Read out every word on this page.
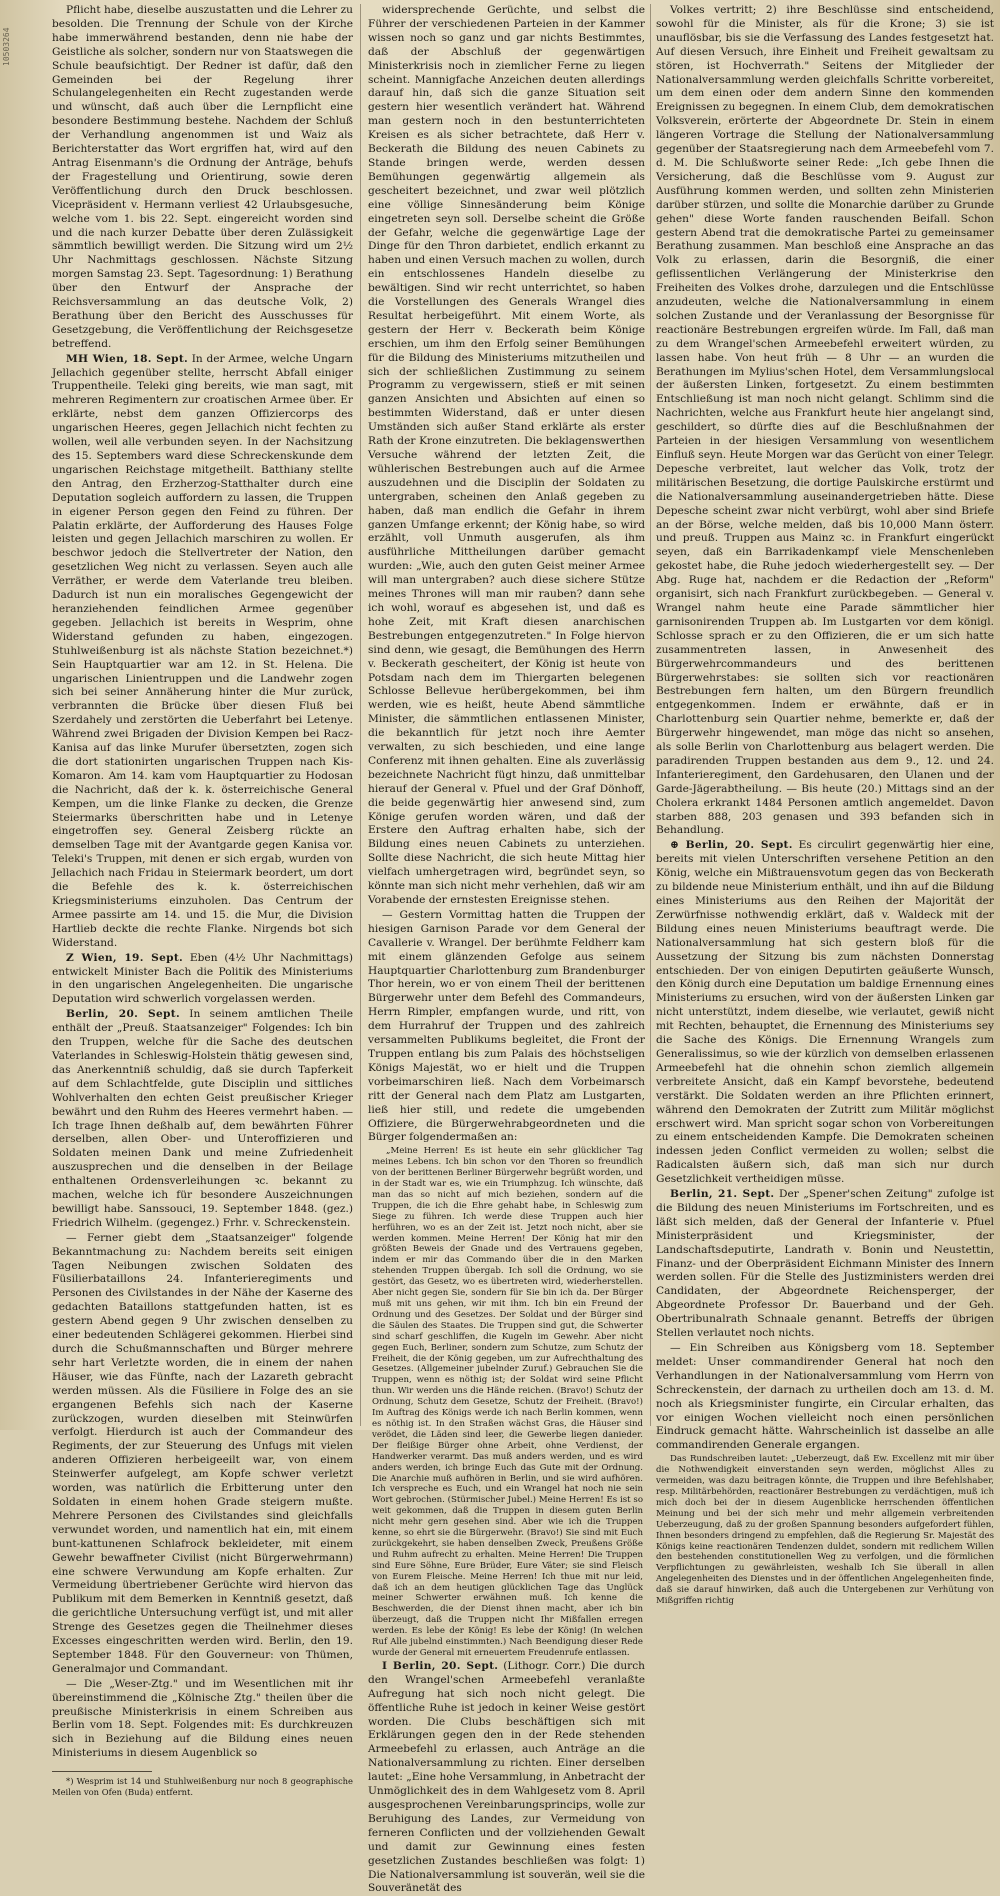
10503264

Pflicht habe, dieselbe auszustatten und die Lehrer zu besolden. Die Trennung der Schule von der Kirche habe immerwährend bestanden, denn nie habe der Geistliche als solcher, sondern nur von Staatswegen die Schule beaufsichtigt. Der Redner ist dafür, daß den Gemeinden bei der Regelung ihrer Schulangelegenheiten ein Recht zugestanden werde und wünscht, daß auch über die Lernpflicht eine besondere Bestimmung bestehe. Nachdem der Schluß der Verhandlung angenommen ist und Waiz als Berichterstatter das Wort ergriffen hat, wird auf den Antrag Eisenmann's die Ordnung der Anträge, behufs der Fragestellung und Orientirung, sowie deren Veröffentlichung durch den Druck beschlossen. Vicepräsident v. Hermann verliest 42 Urlaubsgesuche, welche vom 1. bis 22. Sept. eingereicht worden sind und die nach kurzer Debatte über deren Zulässigkeit sämmtlich bewilligt werden. Die Sitzung wird um 2½ Uhr Nachmittags geschlossen. Nächste Sitzung morgen Samstag 23. Sept. Tagesordnung: 1) Berathung über den Entwurf der Ansprache der Reichsversammlung an das deutsche Volk, 2) Berathung über den Bericht des Ausschusses für Gesetzgebung, die Veröffentlichung der Reichsgesetze betreffend.

MH Wien, 18. Sept. In der Armee, welche Ungarn Jellachich gegenüber stellte, herrscht Abfall einiger Truppentheile. Teleki ging bereits, wie man sagt, mit mehreren Regimentern zur croatischen Armee über. Er erklärte, nebst dem ganzen Offiziercorps des ungarischen Heeres, gegen Jellachich nicht fechten zu wollen, weil alle verbunden seyen. In der Nachsitzung des 15. Septembers ward diese Schreckenskunde dem ungarischen Reichstage mitgetheilt. Batthiany stellte den Antrag, den Erzherzog-Statthalter durch eine Deputation sogleich auffordern zu lassen, die Truppen in eigener Person gegen den Feind zu führen. Der Palatin erklärte, der Aufforderung des Hauses Folge leisten und gegen Jellachich marschiren zu wollen. Er beschwor jedoch die Stellvertreter der Nation, den gesetzlichen Weg nicht zu verlassen. Seyen auch alle Verräther, er werde dem Vaterlande treu bleiben. Dadurch ist nun ein moralisches Gegengewicht der heranziehenden feindlichen Armee gegenüber gegeben. Jellachich ist bereits in Wesprim, ohne Widerstand gefunden zu haben, eingezogen. Stuhlweißenburg ist als nächste Station bezeichnet.*) Sein Hauptquartier war am 12. in St. Helena. Die ungarischen Linientruppen und die Landwehr zogen sich bei seiner Annäherung hinter die Mur zurück, verbrannten die Brücke über diesen Fluß bei Szerdahely und zerstörten die Ueberfahrt bei Letenye. Während zwei Brigaden der Division Kempen bei Racz-Kanisa auf das linke Murufer übersetzten, zogen sich die dort stationirten ungarischen Truppen nach Kis-Komaron. Am 14. kam vom Hauptquartier zu Hodosan die Nachricht, daß der k. k. österreichische General Kempen, um die linke Flanke zu decken, die Grenze Steiermarks überschritten habe und in Letenye eingetroffen sey. General Zeisberg rückte an demselben Tage mit der Avantgarde gegen Kanisa vor. Teleki's Truppen, mit denen er sich ergab, wurden von Jellachich nach Fridau in Steiermark beordert, um dort die Befehle des k. k. österreichischen Kriegsministeriums einzuholen. Das Centrum der Armee passirte am 14. und 15. die Mur, die Division Hartlieb deckte die rechte Flanke. Nirgends bot sich Widerstand.

Z Wien, 19. Sept. Eben (4½ Uhr Nachmittags) entwickelt Minister Bach die Politik des Ministeriums in den ungarischen Angelegenheiten. Die ungarische Deputation wird schwerlich vorgelassen werden.

Berlin, 20. Sept. In seinem amtlichen Theile enthält der „Preuß. Staatsanzeiger" Folgendes: Ich bin den Truppen, welche für die Sache des deutschen Vaterlandes in Schleswig-Holstein thätig gewesen sind, das Anerkenntniß schuldig, daß sie durch Tapferkeit auf dem Schlachtfelde, gute Disciplin und sittliches Wohlverhalten den echten Geist preußischer Krieger bewährt und den Ruhm des Heeres vermehrt haben. — Ich trage Ihnen deßhalb auf, dem bewährten Führer derselben, allen Ober- und Unteroffizieren und Soldaten meinen Dank und meine Zufriedenheit auszusprechen und die denselben in der Beilage enthaltenen Ordensverleihungen ꝛc. bekannt zu machen, welche ich für besondere Auszeichnungen bewilligt habe. Sanssouci, 19. September 1848. (gez.) Friedrich Wilhelm. (gegengez.) Frhr. v. Schreckenstein.

— Ferner giebt dem „Staatsanzeiger" folgende Bekanntmachung zu: Nachdem bereits seit einigen Tagen Neibungen zwischen Soldaten des Füsilierbataillons 24. Infanterieregiments und Personen des Civilstandes in der Nähe der Kaserne des gedachten Bataillons stattgefunden hatten, ist es gestern Abend gegen 9 Uhr zwischen denselben zu einer bedeutenden Schlägerei gekommen. Hierbei sind durch die Schußmannschaften und Bürger mehrere sehr hart Verletzte worden, die in einem der nahen Häuser, wie das Fünfte, nach der Lazareth gebracht werden müssen. Als die Füsiliere in Folge des an sie ergangenen Befehls sich nach der Kaserne zurückzogen, wurden dieselben mit Steinwürfen verfolgt. Hierdurch ist auch der Commandeur des Regiments, der zur Steuerung des Unfugs mit vielen anderen Offizieren herbeigeeilt war, von einem Steinwerfer aufgelegt, am Kopfe schwer verletzt worden, was natürlich die Erbitterung unter den Soldaten in einem hohen Grade steigern mußte. Mehrere Personen des Civilstandes sind gleichfalls verwundet worden, und namentlich hat ein, mit einem bunt-kattunenen Schlafrock bekleideter, mit einem Gewehr bewaffneter Civilist (nicht Bürgerwehrmann) eine schwere Verwundung am Kopfe erhalten. Zur Vermeidung übertriebener Gerüchte wird hiervon das Publikum mit dem Bemerken in Kenntniß gesetzt, daß die gerichtliche Untersuchung verfügt ist, und mit aller Strenge des Gesetzes gegen die Theilnehmer dieses Excesses eingeschritten werden wird. Berlin, den 19. September 1848. Für den Gouverneur: von Thümen, Generalmajor und Commandant.

— Die „Weser-Ztg." und im Wesentlichen mit ihr übereinstimmend die „Kölnische Ztg." theilen über die preußische Ministerkrisis in einem Schreiben aus Berlin vom 18. Sept. Folgendes mit: Es durchkreuzen sich in Beziehung auf die Bildung eines neuen Ministeriums in diesem Augenblick so

*) Wesprim ist 14 und Stuhlweißenburg nur noch 8 geographische Meilen von Ofen (Buda) entfernt.

widersprechende Gerüchte, und selbst die Führer der verschiedenen Parteien in der Kammer wissen noch so ganz und gar nichts Bestimmtes, daß der Abschluß der gegenwärtigen Ministerkrisis noch in ziemlicher Ferne zu liegen scheint. Mannigfache Anzeichen deuten allerdings darauf hin, daß sich die ganze Situation seit gestern hier wesentlich verändert hat. Während man gestern noch in den bestunterrichteten Kreisen es als sicher betrachtete, daß Herr v. Beckerath die Bildung des neuen Cabinets zu Stande bringen werde, werden dessen Bemühungen gegenwärtig allgemein als gescheitert bezeichnet, und zwar weil plötzlich eine völlige Sinnesänderung beim Könige eingetreten seyn soll. Derselbe scheint die Größe der Gefahr, welche die gegenwärtige Lage der Dinge für den Thron darbietet, endlich erkannt zu haben und einen Versuch machen zu wollen, durch ein entschlossenes Handeln dieselbe zu bewältigen. Sind wir recht unterrichtet, so haben die Vorstellungen des Generals Wrangel dies Resultat herbeigeführt. Mit einem Worte, als gestern der Herr v. Beckerath beim Könige erschien, um ihm den Erfolg seiner Bemühungen für die Bildung des Ministeriums mitzutheilen und sich der schließlichen Zustimmung zu seinem Programm zu vergewissern, stieß er mit seinen ganzen Ansichten und Absichten auf einen so bestimmten Widerstand, daß er unter diesen Umständen sich außer Stand erklärte als erster Rath der Krone einzutreten. Die beklagenswerthen Versuche während der letzten Zeit, die wühlerischen Bestrebungen auch auf die Armee auszudehnen und die Disciplin der Soldaten zu untergraben, scheinen den Anlaß gegeben zu haben, daß man endlich die Gefahr in ihrem ganzen Umfange erkennt; der König habe, so wird erzählt, voll Unmuth ausgerufen, als ihm ausführliche Mittheilungen darüber gemacht wurden: „Wie, auch den guten Geist meiner Armee will man untergraben? auch diese sichere Stütze meines Thrones will man mir rauben? dann sehe ich wohl, worauf es abgesehen ist, und daß es hohe Zeit, mit Kraft diesen anarchischen Bestrebungen entgegenzutreten." In Folge hiervon sind denn, wie gesagt, die Bemühungen des Herrn v. Beckerath gescheitert, der König ist heute von Potsdam nach dem im Thiergarten belegenen Schlosse Bellevue herübergekommen, bei ihm werden, wie es heißt, heute Abend sämmtliche Minister, die sämmtlichen entlassenen Minister, die bekanntlich für jetzt noch ihre Aemter verwalten, zu sich beschieden, und eine lange Conferenz mit ihnen gehalten. Eine als zuverlässig bezeichnete Nachricht fügt hinzu, daß unmittelbar hierauf der General v. Pfuel und der Graf Dönhoff, die beide gegenwärtig hier anwesend sind, zum Könige gerufen worden wären, und daß der Erstere den Auftrag erhalten habe, sich der Bildung eines neuen Cabinets zu unterziehen. Sollte diese Nachricht, die sich heute Mittag hier vielfach umhergetragen wird, begründet seyn, so könnte man sich nicht mehr verhehlen, daß wir am Vorabende der ernstesten Ereignisse stehen.

— Gestern Vormittag hatten die Truppen der hiesigen Garnison Parade vor dem General der Cavallerie v. Wrangel. Der berühmte Feldherr kam mit einem glänzenden Gefolge aus seinem Hauptquartier Charlottenburg zum Brandenburger Thor herein, wo er von einem Theil der berittenen Bürgerwehr unter dem Befehl des Commandeurs, Herrn Rimpler, empfangen wurde, und ritt, von dem Hurrahruf der Truppen und des zahlreich versammelten Publikums begleitet, die Front der Truppen entlang bis zum Palais des höchstseligen Königs Majestät, wo er hielt und die Truppen vorbeimarschiren ließ. Nach dem Vorbeimarsch ritt der General nach dem Platz am Lustgarten, ließ hier still, und redete die umgebenden Offiziere, die Bürgerwehrabgeordneten und die Bürger folgendermaßen an:

„Meine Herren! Es ist heute ein sehr glücklicher Tag meines Lebens. Ich bin schon vor den Thoren so freundlich von der berittenen Berliner Bürgerwehr begrüßt worden, und in der Stadt war es, wie ein Triumphzug. Ich wünschte, daß man das so nicht auf mich beziehen, sondern auf die Truppen, die ich die Ehre gehabt habe, in Schleswig zum Siege zu führen. Ich werde diese Truppen auch hier herführen, wo es an der Zeit ist. Jetzt noch nicht, aber sie werden kommen. Meine Herren! Der König hat mir den größten Beweis der Gnade und des Vertrauens gegeben, indem er mir das Commando über die in den Marken stehenden Truppen übergab. Ich soll die Ordnung, wo sie gestört, das Gesetz, wo es übertreten wird, wiederherstellen. Aber nicht gegen Sie, sondern für Sie bin ich da. Der Bürger muß mit uns gehen, wir mit ihm. Ich bin ein Freund der Ordnung und des Gesetzes. Der Soldat und der Bürger sind die Säulen des Staates. Die Truppen sind gut, die Schwerter sind scharf geschliffen, die Kugeln im Gewehr. Aber nicht gegen Euch, Berliner, sondern zum Schutze, zum Schutz der Freiheit, die der König gegeben, um zur Aufrechthaltung des Gesetzes. (Allgemeiner jubelnder Zuruf.) Gebrauchen Sie die Truppen, wenn es nöthig ist; der Soldat wird seine Pflicht thun. Wir werden uns die Hände reichen. (Bravo!) Schutz der Ordnung, Schutz dem Gesetze, Schutz der Freiheit. (Bravo!) Im Auftrag des Königs werde ich nach Berlin kommen, wenn es nöthig ist. In den Straßen wächst Gras, die Häuser sind verödet, die Läden sind leer, die Gewerbe liegen danieder. Der fleißige Bürger ohne Arbeit, ohne Verdienst, der Handwerker verarmt. Das muß anders werden, und es wird anders werden, ich bringe Euch das Gute mit der Ordnung. Die Anarchie muß aufhören in Berlin, und sie wird aufhören. Ich verspreche es Euch, und ein Wrangel hat noch nie sein Wort gebrochen. (Stürmischer Jubel.) Meine Herren! Es ist so weit gekommen, daß die Truppen in diesem guten Berlin nicht mehr gern gesehen sind. Aber wie ich die Truppen kenne, so ehrt sie die Bürgerwehr. (Bravo!) Sie sind mit Euch zurückgekehrt, sie haben denselben Zweck, Preußens Größe und Ruhm aufrecht zu erhalten. Meine Herren! Die Truppen sind Eure Söhne, Eure Brüder, Eure Väter; sie sind Fleisch von Eurem Fleische. Meine Herren! Ich thue mit nur leid, daß ich an dem heutigen glücklichen Tage das Unglück meiner Schwerter erwähnen muß. Ich kenne die Beschwerden, die der Dienst ihnen macht, aber ich bin überzeugt, daß die Truppen nicht Ihr Mißfallen erregen werden. Es lebe der König! Es lebe der König! (In welchen Ruf Alle jubelnd einstimmten.) Nach Beendigung dieser Rede wurde der General mit erneuertem Freudenrufe entlassen.

I Berlin, 20. Sept. (Lithogr. Corr.) Die durch den Wrangel'schen Armeebefehl veranlaßte Aufregung hat sich noch nicht gelegt. Die öffentliche Ruhe ist jedoch in keiner Weise gestört worden. Die Clubs beschäftigen sich mit Erklärungen gegen den in der Rede stehenden Armeebefehl zu erlassen, auch Anträge an die Nationalversammlung zu richten. Einer derselben lautet: „Eine hohe Versammlung, in Anbetracht der Unmöglichkeit des in dem Wahlgesetz vom 8. April ausgesprochenen Vereinbarungsprincips, wolle zur Beruhigung des Landes, zur Vermeidung von ferneren Conflicten und der vollziehenden Gewalt und damit zur Gewinnung eines festen gesetzlichen Zustandes beschließen was folgt: 1) Die Nationalversammlung ist souverän, weil sie die Souveränetät des

Volkes vertritt; 2) ihre Beschlüsse sind entscheidend, sowohl für die Minister, als für die Krone; 3) sie ist unauflösbar, bis sie die Verfassung des Landes festgesetzt hat. Auf diesen Versuch, ihre Einheit und Freiheit gewaltsam zu stören, ist Hochverrath." Seitens der Mitglieder der Nationalversammlung werden gleichfalls Schritte vorbereitet, um dem einen oder dem andern Sinne den kommenden Ereignissen zu begegnen. In einem Club, dem demokratischen Volksverein, erörterte der Abgeordnete Dr. Stein in einem längeren Vortrage die Stellung der Nationalversammlung gegenüber der Staatsregierung nach dem Armeebefehl vom 7. d. M. Die Schlußworte seiner Rede: „Ich gebe Ihnen die Versicherung, daß die Beschlüsse vom 9. August zur Ausführung kommen werden, und sollten zehn Ministerien darüber stürzen, und sollte die Monarchie darüber zu Grunde gehen" diese Worte fanden rauschenden Beifall. Schon gestern Abend trat die demokratische Partei zu gemeinsamer Berathung zusammen. Man beschloß eine Ansprache an das Volk zu erlassen, darin die Besorgniß, die einer geflissentlichen Verlängerung der Ministerkrise den Freiheiten des Volkes drohe, darzulegen und die Entschlüsse anzudeuten, welche die Nationalversammlung in einem solchen Zustande und der Veranlassung der Besorgnisse für reactionäre Bestrebungen ergreifen würde. Im Fall, daß man zu dem Wrangel'schen Armeebefehl erweitert würden, zu lassen habe. Von heut früh — 8 Uhr — an wurden die Berathungen im Mylius'schen Hotel, dem Versammlungslocal der äußersten Linken, fortgesetzt. Zu einem bestimmten Entschließung ist man noch nicht gelangt. Schlimm sind die Nachrichten, welche aus Frankfurt heute hier angelangt sind, geschildert, so dürfte dies auf die Beschlußnahmen der Parteien in der hiesigen Versammlung von wesentlichem Einfluß seyn. Heute Morgen war das Gerücht von einer Telegr. Depesche verbreitet, laut welcher das Volk, trotz der militärischen Besetzung, die dortige Paulskirche erstürmt und die Nationalversammlung auseinandergetrieben hätte. Diese Depesche scheint zwar nicht verbürgt, wohl aber sind Briefe an der Börse, welche melden, daß bis 10,000 Mann österr. und preuß. Truppen aus Mainz ꝛc. in Frankfurt eingerückt seyen, daß ein Barrikadenkampf viele Menschenleben gekostet habe, die Ruhe jedoch wiederhergestellt sey. — Der Abg. Ruge hat, nachdem er die Redaction der „Reform" organisirt, sich nach Frankfurt zurückbegeben. — General v. Wrangel nahm heute eine Parade sämmtlicher hier garnisonirenden Truppen ab. Im Lustgarten vor dem königl. Schlosse sprach er zu den Offizieren, die er um sich hatte zusammentreten lassen, in Anwesenheit des Bürgerwehrcommandeurs und des berittenen Bürgerwehrstabes: sie sollten sich vor reactionären Bestrebungen fern halten, um den Bürgern freundlich entgegenkommen. Indem er erwähnte, daß er in Charlottenburg sein Quartier nehme, bemerkte er, daß der Bürgerwehr hingewendet, man möge das nicht so ansehen, als solle Berlin von Charlottenburg aus belagert werden. Die paradirenden Truppen bestanden aus dem 9., 12. und 24. Infanterieregiment, den Gardehusaren, den Ulanen und der Garde-Jägerabtheilung. — Bis heute (20.) Mittags sind an der Cholera erkrankt 1484 Personen amtlich angemeldet. Davon starben 888, 203 genasen und 393 befanden sich in Behandlung.

⊕ Berlin, 20. Sept. Es circulirt gegenwärtig hier eine, bereits mit vielen Unterschriften versehene Petition an den König, welche ein Mißtrauensvotum gegen das von Beckerath zu bildende neue Ministerium enthält, und ihn auf die Bildung eines Ministeriums aus den Reihen der Majorität der Zerwürfnisse nothwendig erklärt, daß v. Waldeck mit der Bildung eines neuen Ministeriums beauftragt werde. Die Nationalversammlung hat sich gestern bloß für die Aussetzung der Sitzung bis zum nächsten Donnerstag entschieden. Der von einigen Deputirten geäußerte Wunsch, den König durch eine Deputation um baldige Ernennung eines Ministeriums zu ersuchen, wird von der äußersten Linken gar nicht unterstützt, indem dieselbe, wie verlautet, gewiß nicht mit Rechten, behauptet, die Ernennung des Ministeriums sey die Sache des Königs. Die Ernennung Wrangels zum Generalissimus, so wie der kürzlich von demselben erlassenen Armeebefehl hat die ohnehin schon ziemlich allgemein verbreitete Ansicht, daß ein Kampf bevorstehe, bedeutend verstärkt. Die Soldaten werden an ihre Pflichten erinnert, während den Demokraten der Zutritt zum Militär möglichst erschwert wird. Man spricht sogar schon von Vorbereitungen zu einem entscheidenden Kampfe. Die Demokraten scheinen indessen jeden Conflict vermeiden zu wollen; selbst die Radicalsten äußern sich, daß man sich nur durch Gesetzlichkeit vertheidigen müsse.

Berlin, 21. Sept. Der „Spener'schen Zeitung" zufolge ist die Bildung des neuen Ministeriums im Fortschreiten, und es läßt sich melden, daß der General der Infanterie v. Pfuel Ministerpräsident und Kriegsminister, der Landschaftsdeputirte, Landrath v. Bonin und Neustettin, Finanz- und der Oberpräsident Eichmann Minister des Innern werden sollen. Für die Stelle des Justizministers werden drei Candidaten, der Abgeordnete Reichensperger, der Abgeordnete Professor Dr. Bauerband und der Geh. Obertribunalrath Schnaale genannt. Betreffs der übrigen Stellen verlautet noch nichts.

— Ein Schreiben aus Königsberg vom 18. September meldet: Unser commandirender General hat noch den Verhandlungen in der Nationalversammlung vom Herrn von Schreckenstein, der darnach zu urtheilen doch am 13. d. M. noch als Kriegsminister fungirte, ein Circular erhalten, das vor einigen Wochen vielleicht noch einen persönlichen Eindruck gemacht hätte. Wahrscheinlich ist dasselbe an alle commandirenden Generale ergangen.

Das Rundschreiben lautet: „Ueberzeugt, daß Ew. Excellenz mit mir über die Nothwendigkeit einverstanden seyn werden, möglichst Alles zu vermeiden, was dazu beitragen könnte, die Truppen und ihre Befehlshaber, resp. Militärbehörden, reactionärer Bestrebungen zu verdächtigen, muß ich mich doch bei der in diesem Augenblicke herrschenden öffentlichen Meinung und bei der sich mehr und mehr allgemein verbreitenden Ueberzeugung, daß zu der großen Spannung besonders aufgefordert fühlen, Ihnen besonders dringend zu empfehlen, daß die Regierung Sr. Majestät des Königs keine reactionären Tendenzen duldet, sondern mit redlichem Willen den bestehenden constitutionellen Weg zu verfolgen, und die förmlichen Verpflichtungen zu gewährleisten, weshalb Ich Sie überall in allen Angelegenheiten des Dienstes und in der öffentlichen Angelegenheiten finde, daß sie darauf hinwirken, daß auch die Untergebenen zur Verhütung von Mißgriffen richtig
